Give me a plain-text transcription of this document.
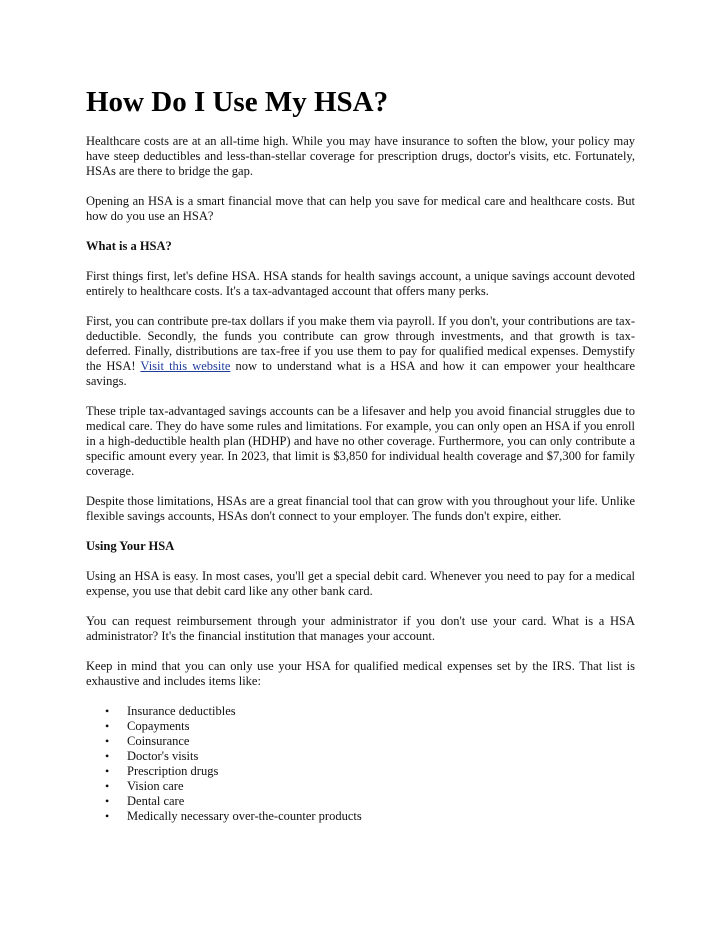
How Do I Use My HSA?

Healthcare costs are at an all-time high. While you may have insurance to soften the blow, your policy may have steep deductibles and less-than-stellar coverage for prescription drugs, doctor's visits, etc. Fortunately, HSAs are there to bridge the gap.

Opening an HSA is a smart financial move that can help you save for medical care and healthcare costs. But how do you use an HSA?

What is a HSA?

First things first, let's define HSA. HSA stands for health savings account, a unique savings account devoted entirely to healthcare costs. It's a tax-advantaged account that offers many perks.

First, you can contribute pre-tax dollars if you make them via payroll. If you don't, your contributions are tax-deductible. Secondly, the funds you contribute can grow through investments, and that growth is tax-deferred. Finally, distributions are tax-free if you use them to pay for qualified medical expenses. Demystify the HSA! Visit this website now to understand what is a HSA and how it can empower your healthcare savings.

These triple tax-advantaged savings accounts can be a lifesaver and help you avoid financial struggles due to medical care. They do have some rules and limitations. For example, you can only open an HSA if you enroll in a high-deductible health plan (HDHP) and have no other coverage. Furthermore, you can only contribute a specific amount every year. In 2023, that limit is $3,850 for individual health coverage and $7,300 for family coverage.

Despite those limitations, HSAs are a great financial tool that can grow with you throughout your life. Unlike flexible savings accounts, HSAs don't connect to your employer. The funds don't expire, either.

Using Your HSA

Using an HSA is easy. In most cases, you'll get a special debit card. Whenever you need to pay for a medical expense, you use that debit card like any other bank card.

You can request reimbursement through your administrator if you don't use your card. What is a HSA administrator? It's the financial institution that manages your account.

Keep in mind that you can only use your HSA for qualified medical expenses set by the IRS. That list is exhaustive and includes items like:

• Insurance deductibles
• Copayments
• Coinsurance
• Doctor's visits
• Prescription drugs
• Vision care
• Dental care
• Medically necessary over-the-counter products
